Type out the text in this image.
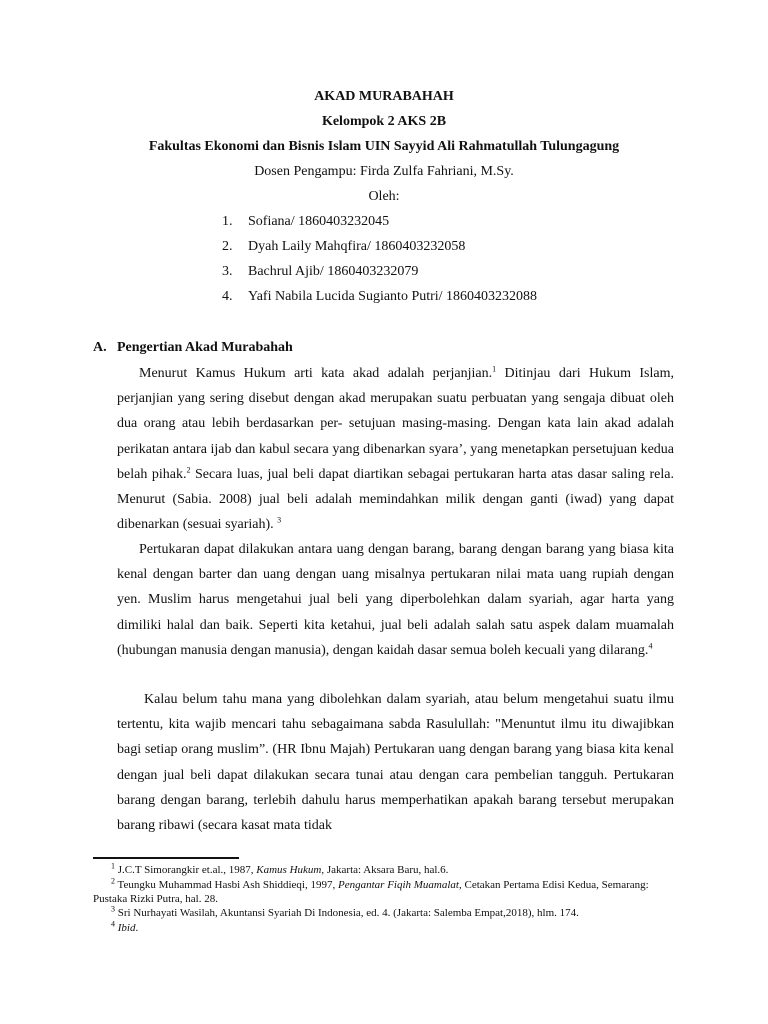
AKAD MURABAHAH
Kelompok 2 AKS 2B
Fakultas Ekonomi dan Bisnis Islam UIN Sayyid Ali Rahmatullah Tulungagung
Dosen Pengampu: Firda Zulfa Fahriani, M.Sy.
Oleh:
1. Sofiana/ 1860403232045
2. Dyah Laily Mahqfira/ 1860403232058
3. Bachrul Ajib/ 1860403232079
4. Yafi Nabila Lucida Sugianto Putri/ 1860403232088
A. Pengertian Akad Murabahah
Menurut Kamus Hukum arti kata akad adalah perjanjian.$^1$ Ditinjau dari Hukum Islam, perjanjian yang sering disebut dengan akad merupakan suatu perbuatan yang sengaja dibuat oleh dua orang atau lebih berdasarkan per- setujuan masing-masing. Dengan kata lain akad adalah perikatan antara ijab dan kabul secara yang dibenarkan syara’, yang menetapkan persetujuan kedua belah pihak.$^2$ Secara luas, jual beli dapat diartikan sebagai pertukaran harta atas dasar saling rela. Menurut (Sabia. 2008) jual beli adalah memindahkan milik dengan ganti (iwad) yang dapat dibenarkan (sesuai syariah). $^3$
Pertukaran dapat dilakukan antara uang dengan barang, barang dengan barang yang biasa kita kenal dengan barter dan uang dengan uang misalnya pertukaran nilai mata uang rupiah dengan yen. Muslim harus mengetahui jual beli yang diperbolehkan dalam syariah, agar harta yang dimiliki halal dan baik. Seperti kita ketahui, jual beli adalah salah satu aspek dalam muamalah (hubungan manusia dengan manusia), dengan kaidah dasar semua boleh kecuali yang dilarang.$^4$
Kalau belum tahu mana yang dibolehkan dalam syariah, atau belum mengetahui suatu ilmu tertentu, kita wajib mencari tahu sebagaimana sabda Rasulullah: "Menuntut ilmu itu diwajibkan bagi setiap orang muslim”. (HR Ibnu Majah) Pertukaran uang dengan barang yang biasa kita kenal dengan jual beli dapat dilakukan secara tunai atau dengan cara pembelian tangguh. Pertukaran barang dengan barang, terlebih dahulu harus memperhatikan apakah barang tersebut merupakan barang ribawi (secara kasat mata tidak
$^1$ J.C.T Simorangkir et.al., 1987, Kamus Hukum, Jakarta: Aksara Baru, hal.6.
$^2$ Teungku Muhammad Hasbi Ash Shiddieqi, 1997, Pengantar Fiqih Muamalat, Cetakan Pertama Edisi Kedua, Semarang: Pustaka Rizki Putra, hal. 28.
$^3$ Sri Nurhayati Wasilah, Akuntansi Syariah Di Indonesia, ed. 4. (Jakarta: Salemba Empat,2018), hlm. 174.
$^4$ Ibid.
